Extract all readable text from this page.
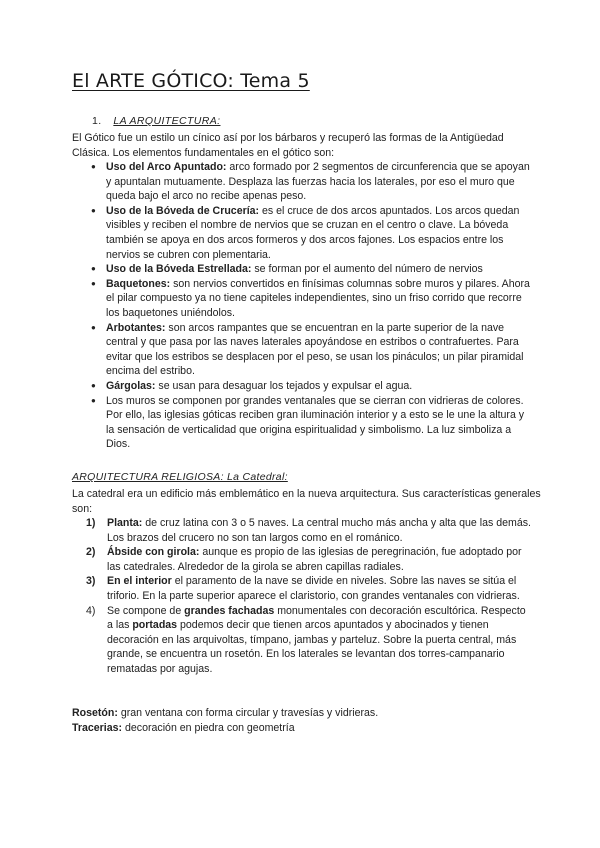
El ARTE GÓTICO: Tema 5
1. LA ARQUITECTURA:

El Gótico fue un estilo un cínico así por los bárbaros y recuperó las formas de la Antigüedad Clásica. Los elementos fundamentales en el gótico son:

● Uso del Arco Apuntado: arco formado por 2 segmentos de circunferencia que se apoyan y apuntalan mutuamente. Desplaza las fuerzas hacia los laterales, por eso el muro que queda bajo el arco no recibe apenas peso.
● Uso de la Bóveda de Crucería: es el cruce de dos arcos apuntados. Los arcos quedan visibles y reciben el nombre de nervios que se cruzan en el centro o clave. La bóveda también se apoya en dos arcos formeros y dos arcos fajones. Los espacios entre los nervios se cubren con plementaria.
● Uso de la Bóveda Estrellada: se forman por el aumento del número de nervios
● Baquetones: son nervios convertidos en finísimas columnas sobre muros y pilares. Ahora el pilar compuesto ya no tiene capiteles independientes, sino un friso corrido que recorre los baquetones uniéndolos.
● Arbotantes: son arcos rampantes que se encuentran en la parte superior de la nave central y que pasa por las naves laterales apoyándose en estribos o contrafuertes. Para evitar que los estribos se desplacen por el peso, se usan los pináculos; un pilar piramidal encima del estribo.
● Gárgolas: se usan para desaguar los tejados y expulsar el agua.
● Los muros se componen por grandes ventanales que se cierran con vidrieras de colores. Por ello, las iglesias góticas reciben gran iluminación interior y a esto se le une la altura y la sensación de verticalidad que origina espiritualidad y simbolismo. La luz simboliza a Dios.
ARQUITECTURA RELIGIOSA: La Catedral:

La catedral era un edificio más emblemático en la nueva arquitectura. Sus características generales son:

1) Planta: de cruz latina con 3 o 5 naves. La central mucho más ancha y alta que las demás. Los brazos del crucero no son tan largos como en el románico.
2) Ábside con girola: aunque es propio de las iglesias de peregrinación, fue adoptado por las catedrales. Alrededor de la girola se abren capillas radiales.
3) En el interior el paramento de la nave se divide en niveles. Sobre las naves se sitúa el triforio. En la parte superior aparece el claristorio, con grandes ventanales con vidrieras.
4) Se compone de grandes fachadas monumentales con decoración escultórica. Respecto a las portadas podemos decir que tienen arcos apuntados y abocinados y tienen decoración en las arquivoltas, tímpano, jambas y parteluz. Sobre la puerta central, más grande, se encuentra un rosetón. En los laterales se levantan dos torres-campanario rematadas por agujas.

Rosetón: gran ventana con forma circular y travesías y vidrieras.

Tracerias: decoración en piedra con geometría
